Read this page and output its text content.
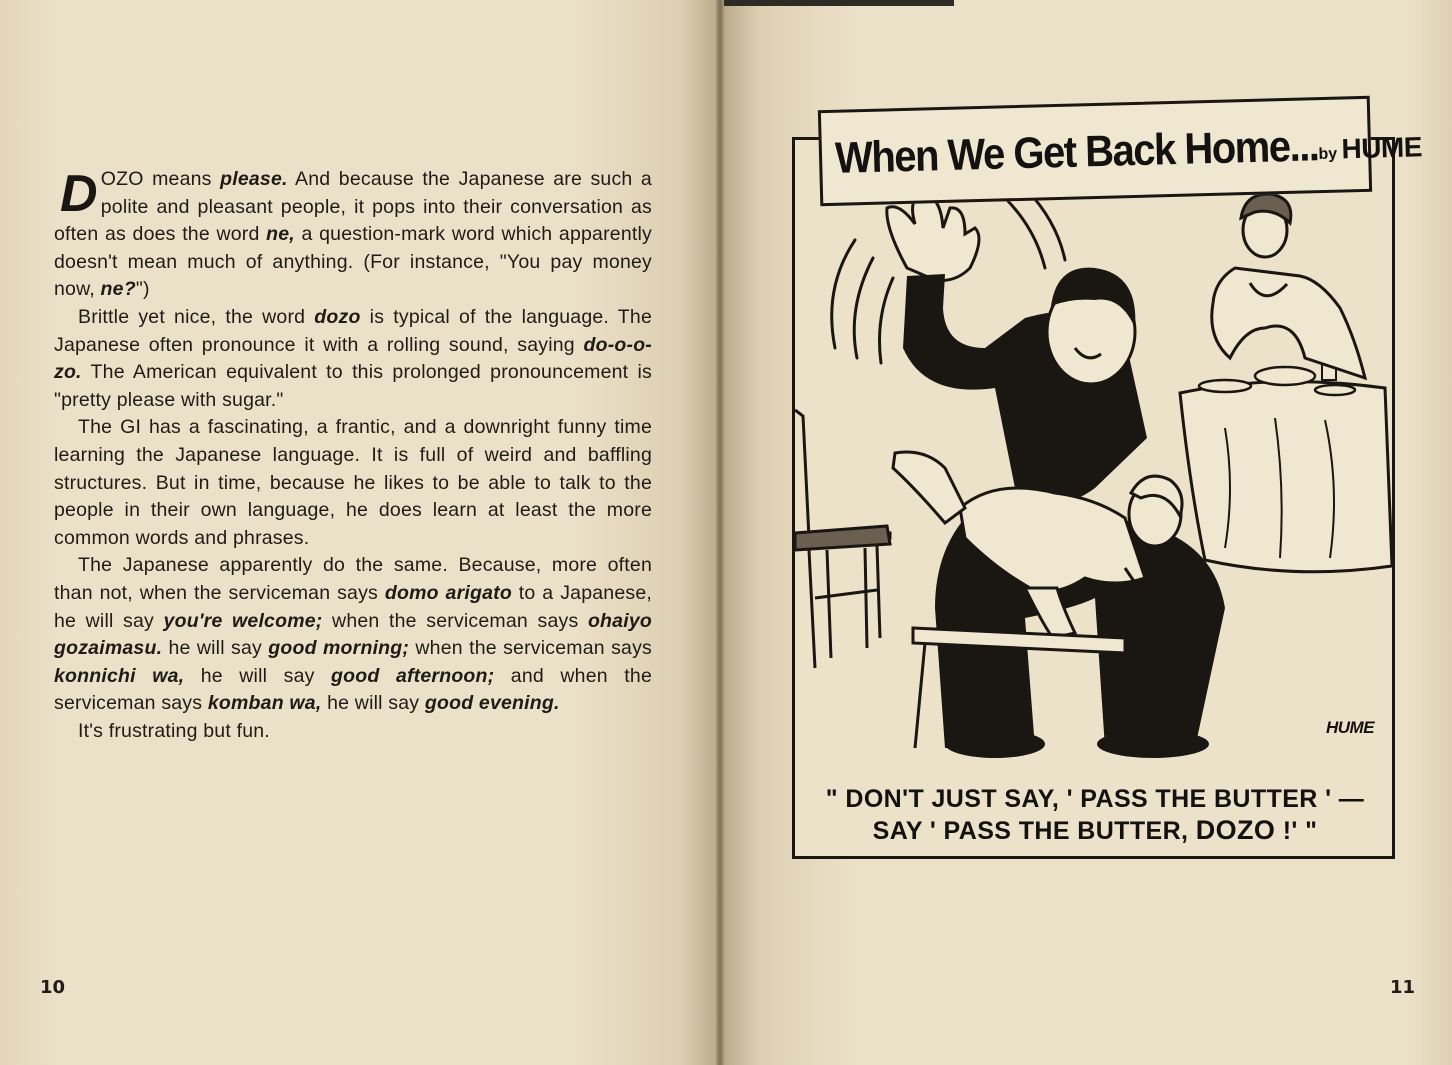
D OZO means please. And because the Japanese are such a polite and pleasant people, it pops into their conversation as often as does the word ne, a question-mark word which apparently doesn't mean much of anything. (For instance, "You pay money now, ne?")

Brittle yet nice, the word dozo is typical of the language. The Japanese often pronounce it with a rolling sound, saying do-o-o-zo. The American equivalent to this prolonged pronouncement is "pretty please with sugar."

The GI has a fascinating, a frantic, and a downright funny time learning the Japanese language. It is full of weird and baffling structures. But in time, because he likes to be able to talk to the people in their own language, he does learn at least the more common words and phrases.

The Japanese apparently do the same. Because, more often than not, when the serviceman says domo arigato to a Japanese, he will say you're welcome; when the serviceman says ohaiyo gozaimasu. he will say good morning; when the serviceman says konnichi wa, he will say good afternoon; and when the serviceman says komban wa, he will say good evening.

It's frustrating but fun.

10
When We Get Back Home...by HUME
HUME
" DON'T JUST SAY, ' PASS THE BUTTER ' —
SAY ' PASS THE BUTTER, DOZO !' "
11
